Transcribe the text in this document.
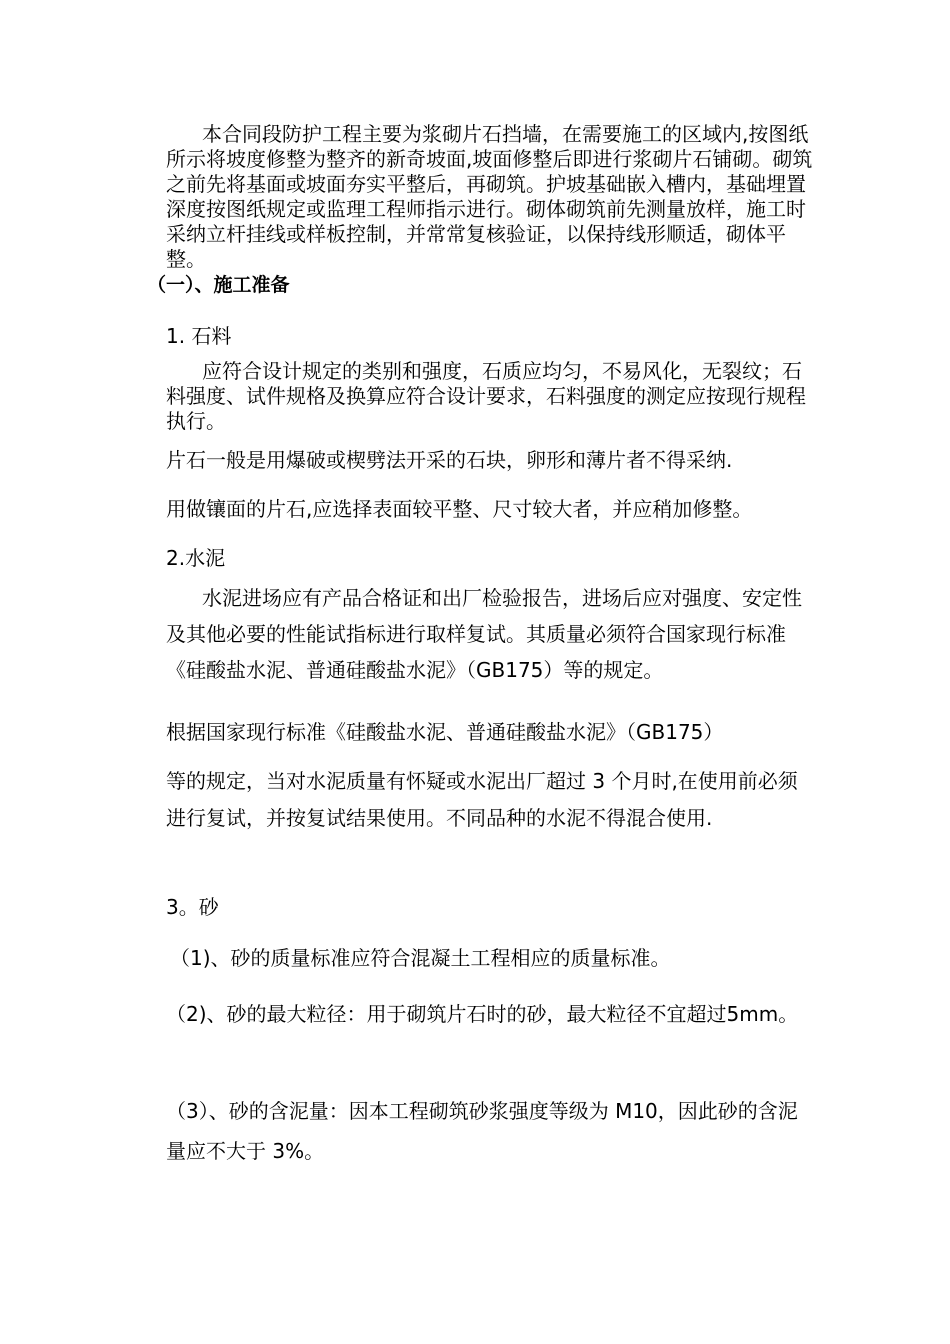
本合同段防护工程主要为浆砌片石挡墙，在需要施工的区域内,按图纸所示将坡度修整为整齐的新奇坡面,坡面修整后即进行浆砌片石铺砌。砌筑之前先将基面或坡面夯实平整后，再砌筑。护坡基础嵌入槽内，基础埋置深度按图纸规定或监理工程师指示进行。砌体砌筑前先测量放样，施工时采纳立杆挂线或样板控制，并常常复核验证，以保持线形顺适，砌体平整。
（一）、施工准备
1. 石料
应符合设计规定的类别和强度，石质应均匀，不易风化，无裂纹；石料强度、试件规格及换算应符合设计要求，石料强度的测定应按现行规程执行。
片石一般是用爆破或楔劈法开采的石块，卵形和薄片者不得采纳.
用做镶面的片石,应选择表面较平整、尺寸较大者，并应稍加修整。
2.水泥
水泥进场应有产品合格证和出厂检验报告，进场后应对强度、安定性及其他必要的性能试指标进行取样复试。其质量必须符合国家现行标准《硅酸盐水泥、普通硅酸盐水泥》（GB175）等的规定。
根据国家现行标准《硅酸盐水泥、普通硅酸盐水泥》（GB175）
等的规定，当对水泥质量有怀疑或水泥出厂超过 3 个月时,在使用前必须进行复试，并按复试结果使用。不同品种的水泥不得混合使用.
3。砂
（1)、砂的质量标准应符合混凝土工程相应的质量标准。
（2)、砂的最大粒径：用于砌筑片石时的砂，最大粒径不宜超过5mm。
（3）、砂的含泥量：因本工程砌筑砂浆强度等级为 M10，因此砂的含泥量应不大于 3%。
